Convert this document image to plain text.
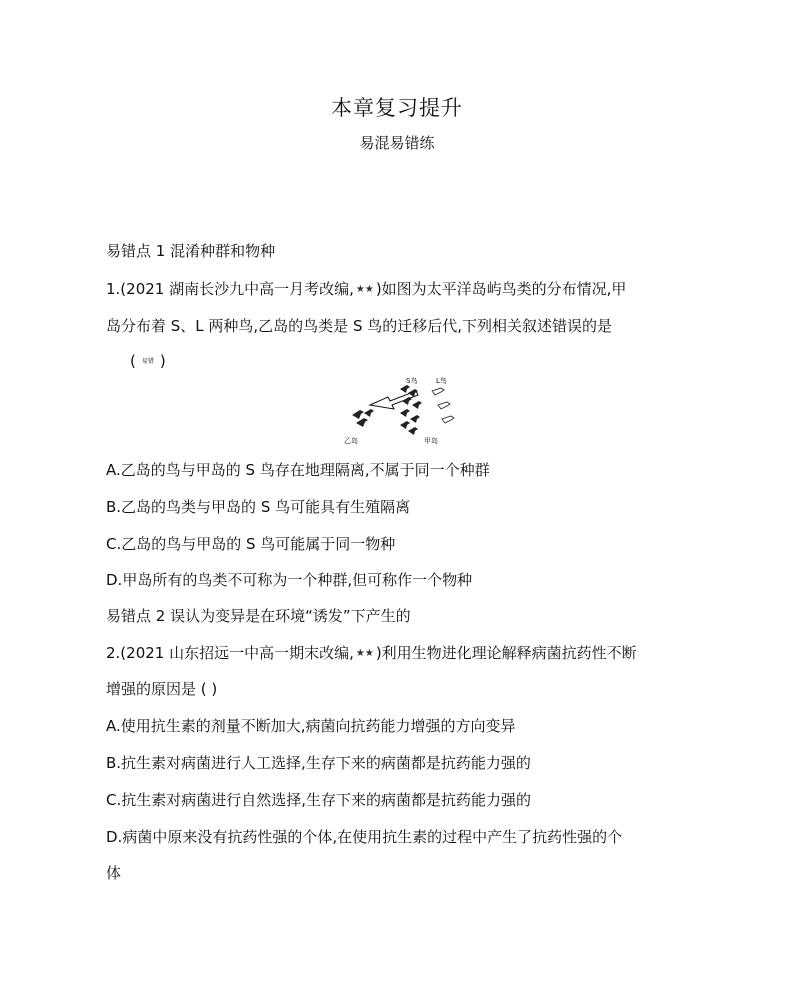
本章复习提升
易混易错练
易错点 1 混淆种群和物种
1.(2021 湖南长沙九中高一月考改编, ★★ )如图为太平洋岛屿鸟类的分布情况,甲
岛分布着 S、L 两种鸟,乙岛的鸟类是 S 鸟的迁移后代,下列相关叙述错误的是
( 易错 )
S鸟	L鸟
乙岛	甲岛
A.乙岛的鸟与甲岛的 S 鸟存在地理隔离,不属于同一个种群
B.乙岛的鸟类与甲岛的 S 鸟可能具有生殖隔离
C.乙岛的鸟与甲岛的 S 鸟可能属于同一物种
D.甲岛所有的鸟类不可称为一个种群,但可称作一个物种
易错点 2 误认为变异是在环境“诱发”下产生的
2.(2021 山东招远一中高一期末改编, ★★ )利用生物进化理论解释病菌抗药性不断
增强的原因是 ( )
A.使用抗生素的剂量不断加大,病菌向抗药能力增强的方向变异
B.抗生素对病菌进行人工选择,生存下来的病菌都是抗药能力强的
C.抗生素对病菌进行自然选择,生存下来的病菌都是抗药能力强的
D.病菌中原来没有抗药性强的个体,在使用抗生素的过程中产生了抗药性强的个
体
